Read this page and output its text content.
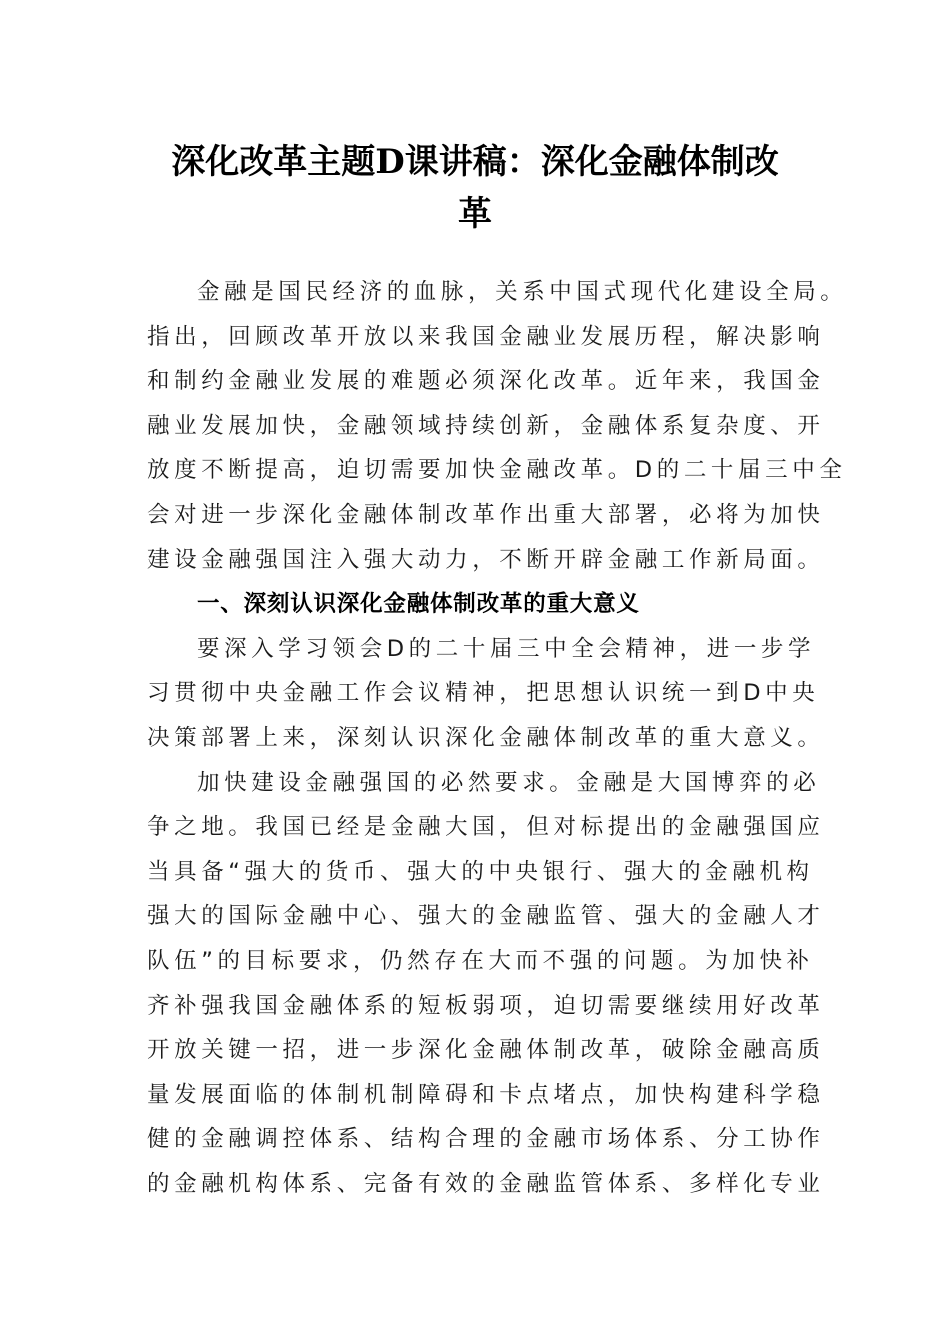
深化改革主题D课讲稿：深化金融体制改
革
金融是国民经济的血脉，关系中国式现代化建设全局。
指出，回顾改革开放以来我国金融业发展历程，解决影响
和制约金融业发展的难题必须深化改革。近年来，我国金
融业发展加快，金融领域持续创新，金融体系复杂度、开
放度不断提高，迫切需要加快金融改革。D的二十届三中全
会对进一步深化金融体制改革作出重大部署，必将为加快
建设金融强国注入强大动力，不断开辟金融工作新局面。
一、深刻认识深化金融体制改革的重大意义
要深入学习领会D的二十届三中全会精神，进一步学
习贯彻中央金融工作会议精神，把思想认识统一到D中央
决策部署上来，深刻认识深化金融体制改革的重大意义。
加快建设金融强国的必然要求。金融是大国博弈的必
争之地。我国已经是金融大国，但对标提出的金融强国应
当具备“强大的货币、强大的中央银行、强大的金融机构
强大的国际金融中心、强大的金融监管、强大的金融人才
队伍”的目标要求，仍然存在大而不强的问题。为加快补
齐补强我国金融体系的短板弱项，迫切需要继续用好改革
开放关键一招，进一步深化金融体制改革，破除金融高质
量发展面临的体制机制障碍和卡点堵点，加快构建科学稳
健的金融调控体系、结构合理的金融市场体系、分工协作
的金融机构体系、完备有效的金融监管体系、多样化专业
